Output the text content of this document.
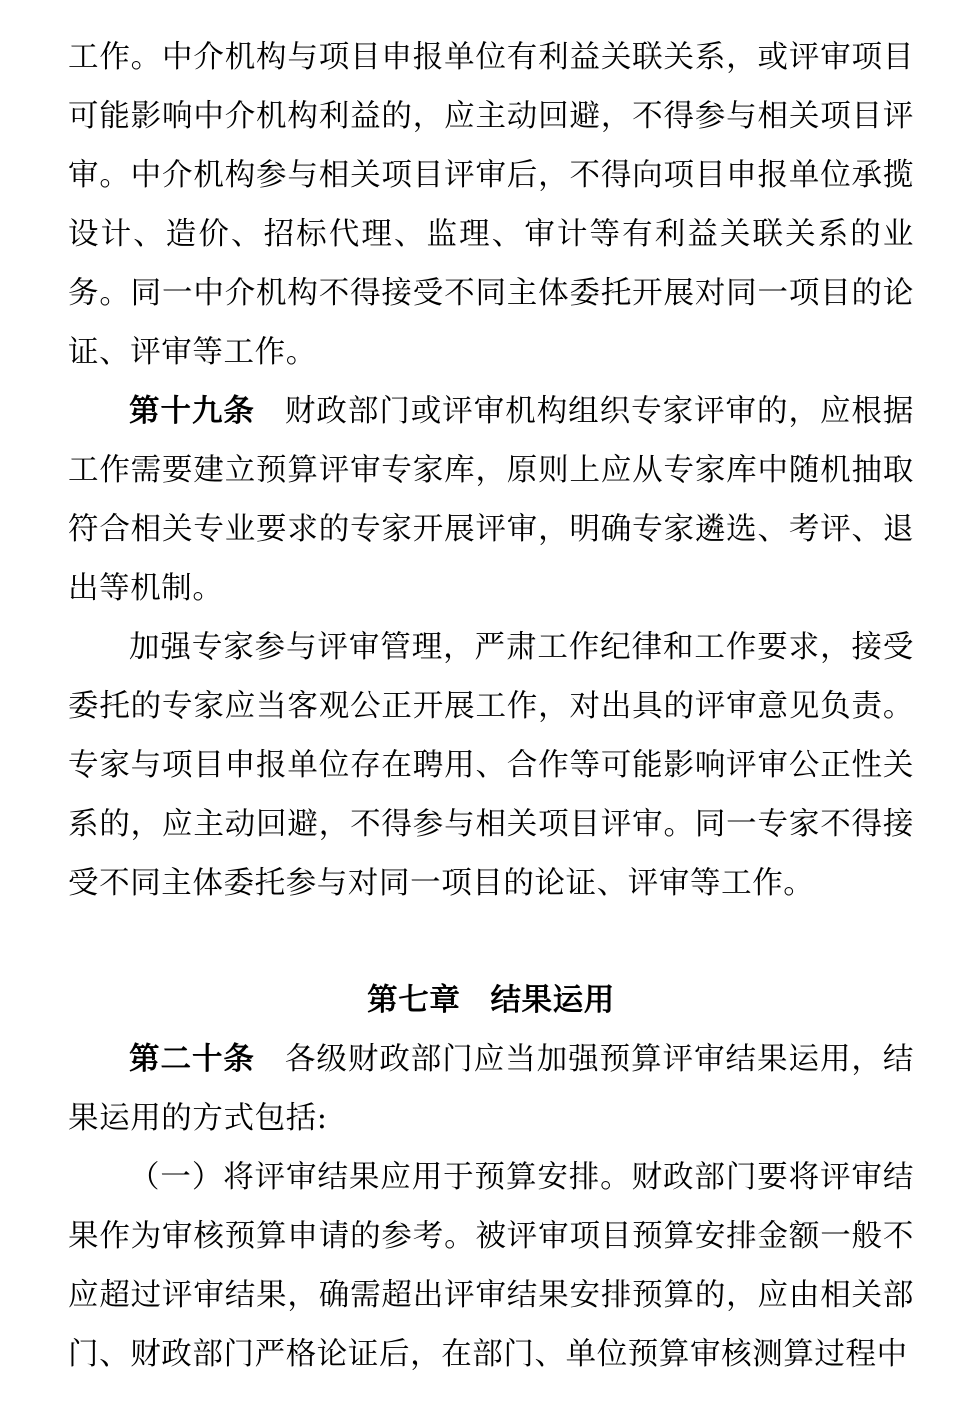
工作。中介机构与项目申报单位有利益关联关系，或评审项目可能影响中介机构利益的，应主动回避，不得参与相关项目评审。中介机构参与相关项目评审后，不得向项目申报单位承揽设计、造价、招标代理、监理、审计等有利益关联关系的业务。同一中介机构不得接受不同主体委托开展对同一项目的论证、评审等工作。

第十九条 财政部门或评审机构组织专家评审的，应根据工作需要建立预算评审专家库，原则上应从专家库中随机抽取符合相关专业要求的专家开展评审，明确专家遴选、考评、退出等机制。

加强专家参与评审管理，严肃工作纪律和工作要求，接受委托的专家应当客观公正开展工作，对出具的评审意见负责。专家与项目申报单位存在聘用、合作等可能影响评审公正性关系的，应主动回避，不得参与相关项目评审。同一专家不得接受不同主体委托参与对同一项目的论证、评审等工作。

第七章 结果运用

第二十条 各级财政部门应当加强预算评审结果运用，结果运用的方式包括:

（一）将评审结果应用于预算安排。财政部门要将评审结果作为审核预算申请的参考。被评审项目预算安排金额一般不应超过评审结果，确需超出评审结果安排预算的，应由相关部门、财政部门严格论证后，在部门、单位预算审核测算过程中
